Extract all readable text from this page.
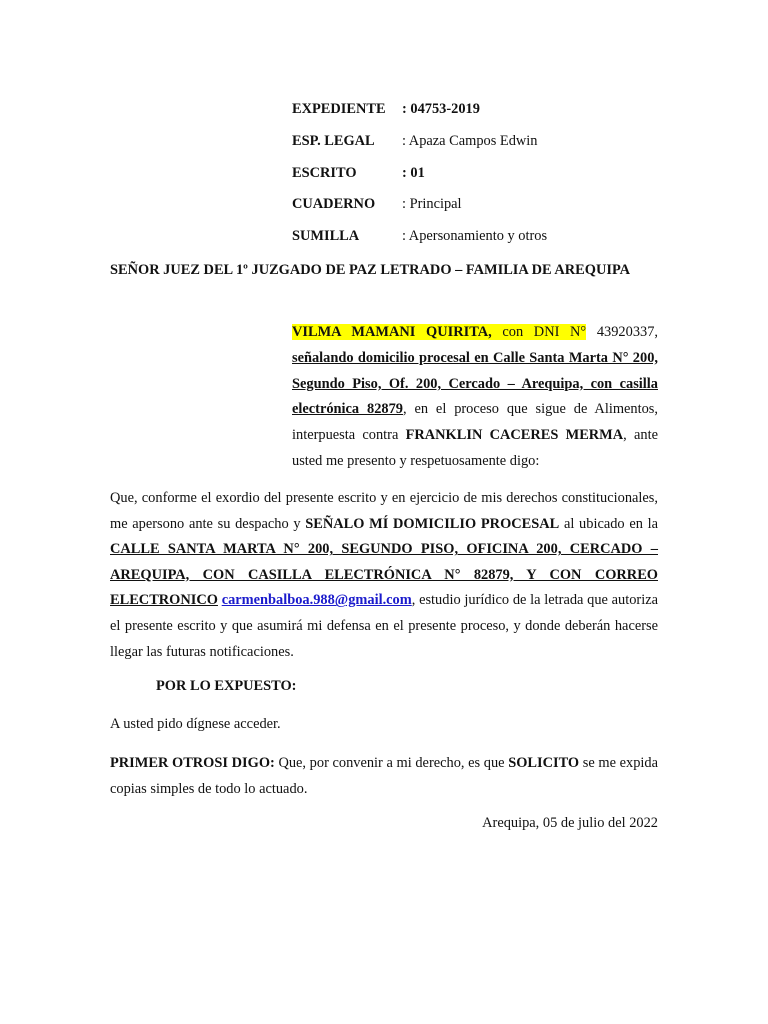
EXPEDIENTE	: 04753-2019
ESP. LEGAL	: Apaza Campos Edwin
ESCRITO	: 01
CUADERNO	: Principal
SUMILLA	: Apersonamiento y otros
SEÑOR JUEZ DEL 1º JUZGADO DE PAZ LETRADO – FAMILIA DE AREQUIPA
VILMA MAMANI QUIRITA, con DNI N° 43920337, señalando domicilio procesal en Calle Santa Marta N° 200, Segundo Piso, Of. 200, Cercado – Arequipa, con casilla electrónica 82879, en el proceso que sigue de Alimentos, interpuesta contra FRANKLIN CACERES MERMA, ante usted me presento y respetuosamente digo:
Que, conforme el exordio del presente escrito y en ejercicio de mis derechos constitucionales, me apersono ante su despacho y SEÑALO MÍ DOMICILIO PROCESAL al ubicado en la CALLE SANTA MARTA N° 200, SEGUNDO PISO, OFICINA 200, CERCADO – AREQUIPA, CON CASILLA ELECTRÓNICA N° 82879, Y CON CORREO ELECTRONICO carmenbalboa.988@gmail.com, estudio jurídico de la letrada que autoriza el presente escrito y que asumirá mi defensa en el presente proceso, y donde deberán hacerse llegar las futuras notificaciones.
POR LO EXPUESTO:
A usted pido dígnese acceder.
PRIMER OTROSI DIGO: Que, por convenir a mi derecho, es que SOLICITO se me expida copias simples de todo lo actuado.
Arequipa, 05 de julio del 2022
